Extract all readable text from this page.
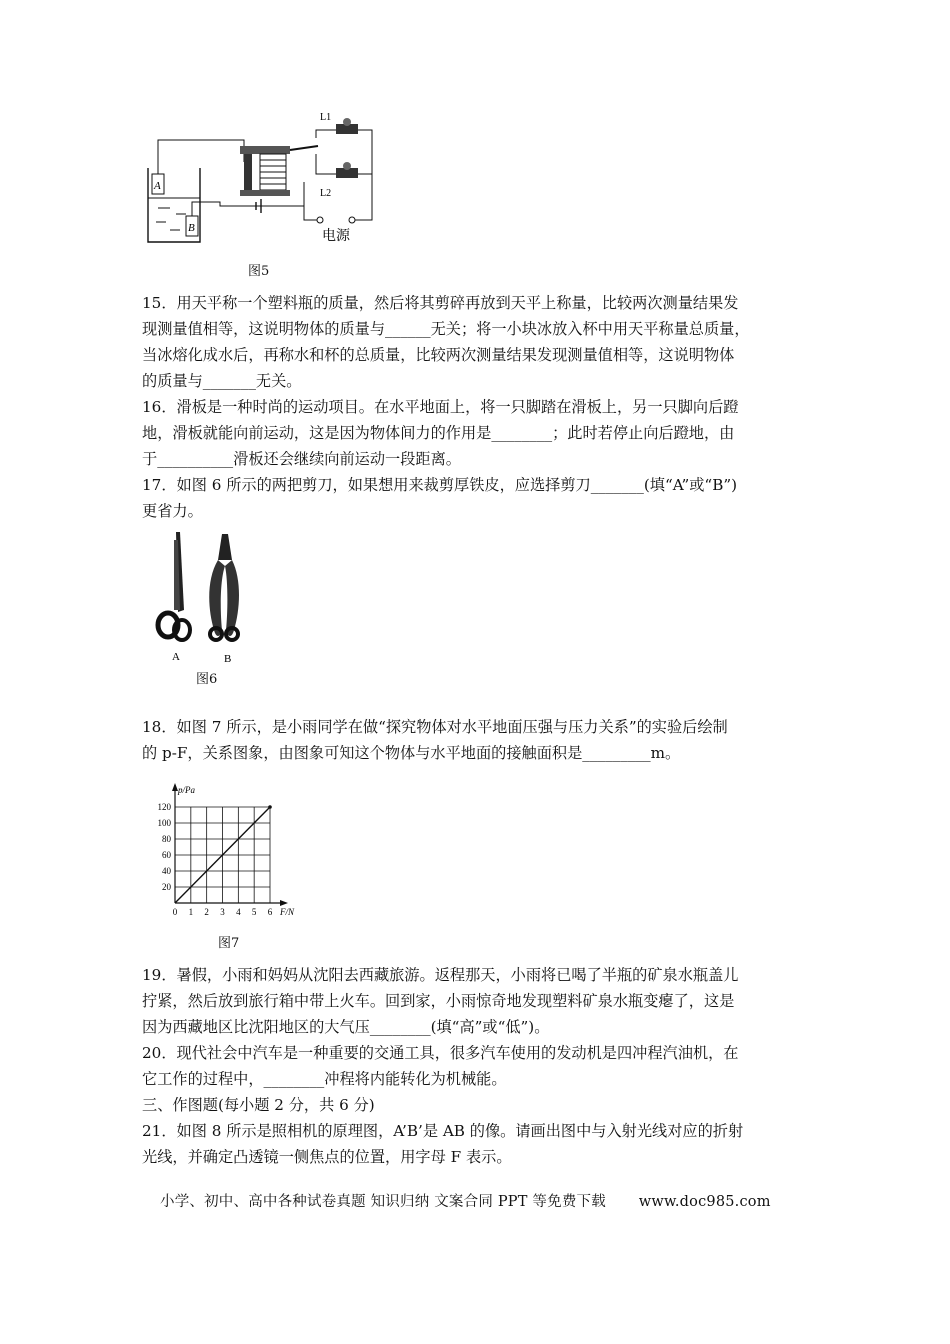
A
B
L1
L2
电源
图5

15．用天平称一个塑料瓶的质量，然后将其剪碎再放到天平上称量，比较两次测量结果发

现测量值相等，这说明物体的质量与______无关；将一小块冰放入杯中用天平称量总质量，

当冰熔化成水后，再称水和杯的总质量，比较两次测量结果发现测量值相等，这说明物体

的质量与_______无关。

16．滑板是一种时尚的运动项目。在水平地面上，将一只脚踏在滑板上，另一只脚向后蹬

地，滑板就能向前运动，这是因为物体间力的作用是________；此时若停止向后蹬地，由

于__________滑板还会继续向前运动一段距离。

17．如图 6 所示的两把剪刀，如果想用来裁剪厚铁皮，应选择剪刀_______(填“A”或“B”)

更省力。

A	B
图6

18．如图 7 所示，是小雨同学在做“探究物体对水平地面压强与压力关系”的实验后绘制

的 p-F，关系图象，由图象可知这个物体与水平地面的接触面积是_________m。

20
40
60
80
100
120
0 1 2 3 4 5 6
p/Pa
F/N
图7

19．暑假，小雨和妈妈从沈阳去西藏旅游。返程那天，小雨将已喝了半瓶的矿泉水瓶盖儿

拧紧，然后放到旅行箱中带上火车。回到家，小雨惊奇地发现塑料矿泉水瓶变瘪了，这是

因为西藏地区比沈阳地区的大气压________(填“高”或“低”)。

20．现代社会中汽车是一种重要的交通工具，很多汽车使用的发动机是四冲程汽油机，在

它工作的过程中，________冲程将内能转化为机械能。

三、作图题(每小题 2 分，共 6 分)

21．如图 8 所示是照相机的原理图，A’B’是 AB 的像。请画出图中与入射光线对应的折射

光线，并确定凸透镜一侧焦点的位置，用字母 F 表示。

小学、初中、高中各种试卷真题 知识归纳 文案合同 PPT 等免费下载 www.doc985.com
